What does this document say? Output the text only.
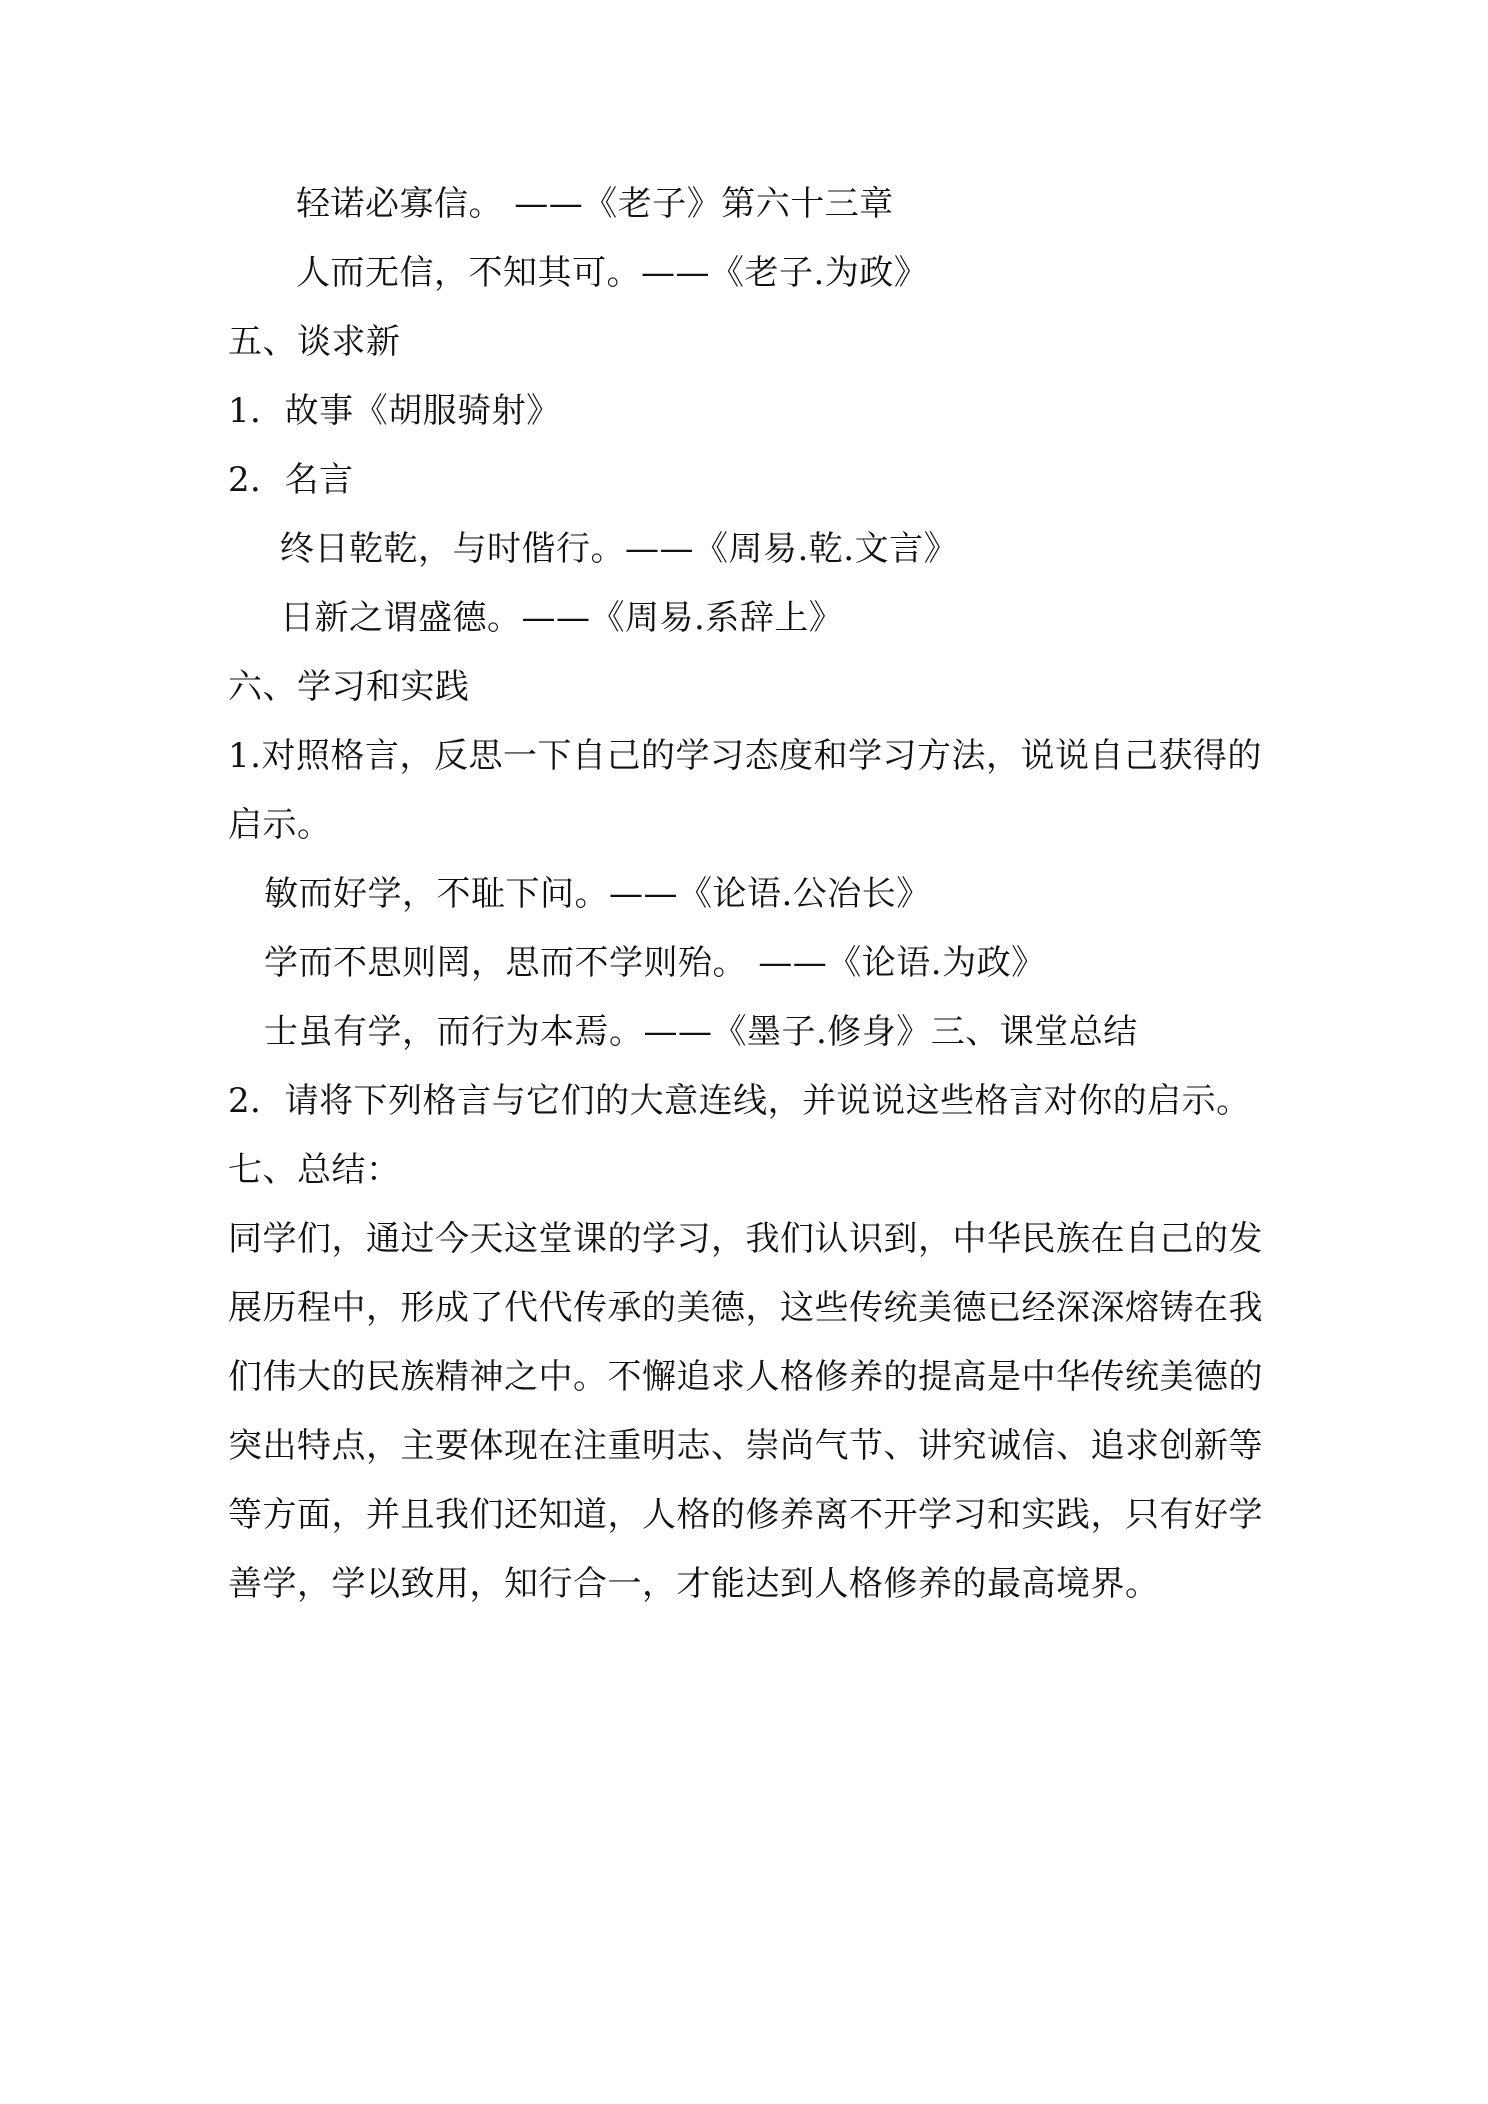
轻诺必寡信。 ——《老子》第六十三章
人而无信，不知其可。——《老子.为政》
五、谈求新
1．故事《胡服骑射》
2．名言
终日乾乾，与时偕行。——《周易.乾.文言》
日新之谓盛德。——《周易.系辞上》
六、学习和实践
1.对照格言，反思一下自己的学习态度和学习方法，说说自己获得的
启示。
敏而好学，不耻下问。——《论语.公冶长》
学而不思则罔，思而不学则殆。 ——《论语.为政》
士虽有学，而行为本焉。——《墨子.修身》三、课堂总结
2．请将下列格言与它们的大意连线，并说说这些格言对你的启示。
七、总结：
同学们，通过今天这堂课的学习，我们认识到，中华民族在自己的发
展历程中，形成了代代传承的美德，这些传统美德已经深深熔铸在我
们伟大的民族精神之中。不懈追求人格修养的提高是中华传统美德的
突出特点，主要体现在注重明志、崇尚气节、讲究诚信、追求创新等
等方面，并且我们还知道，人格的修养离不开学习和实践，只有好学
善学，学以致用，知行合一，才能达到人格修养的最高境界。
